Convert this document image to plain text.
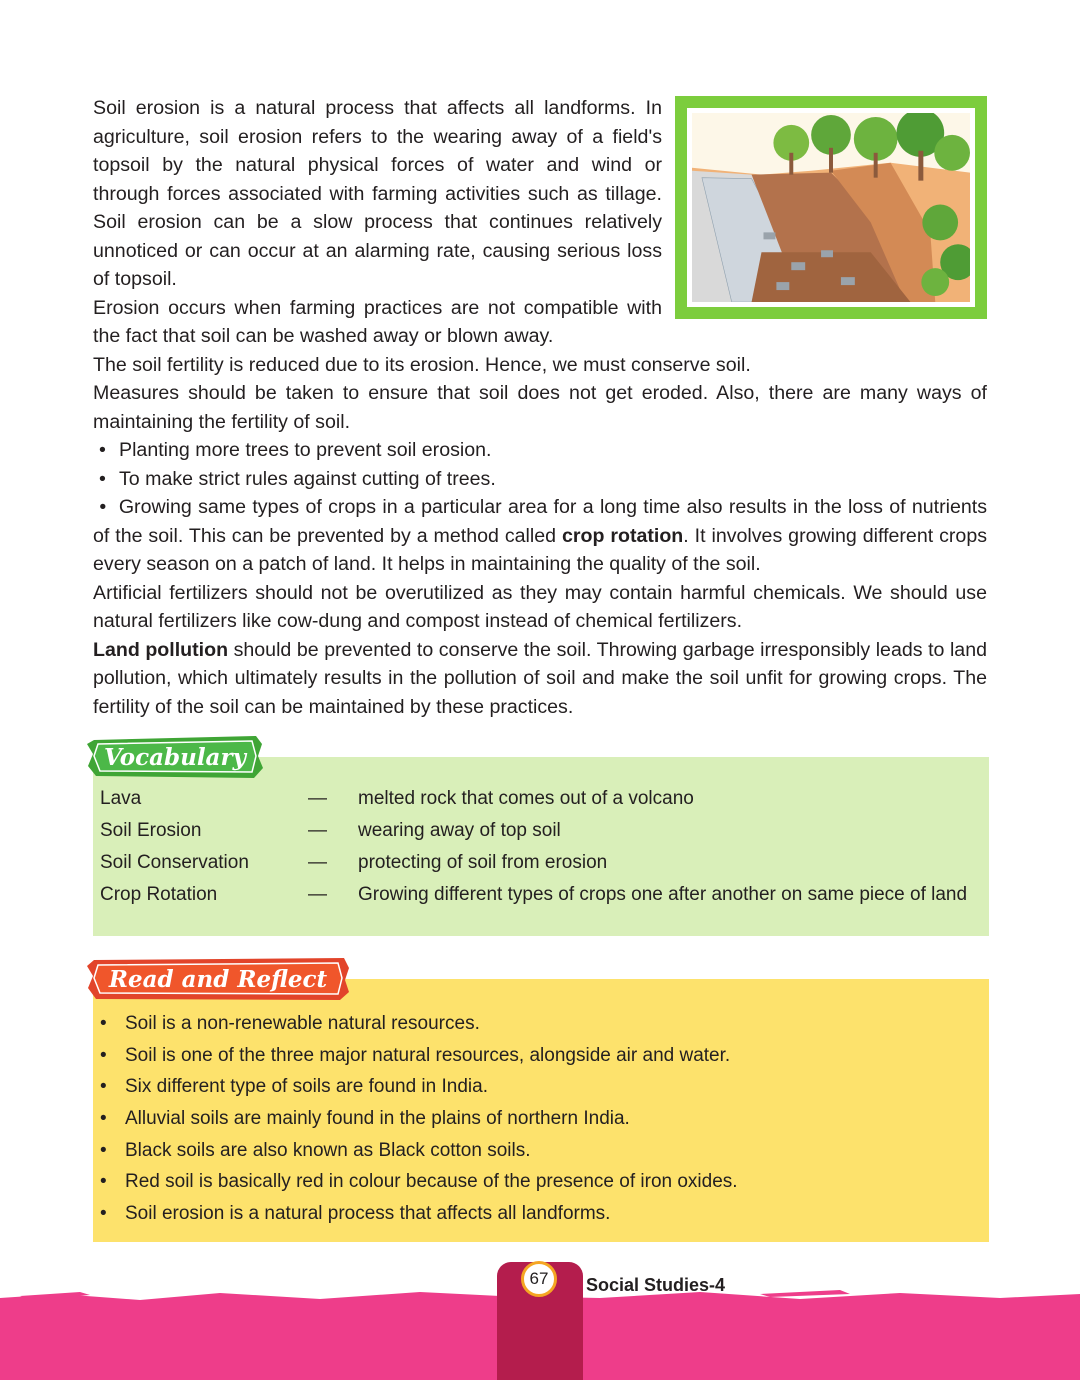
Soil erosion is a natural process that affects all landforms. In agriculture, soil erosion refers to the wearing away of a field's topsoil by the natural physical forces of water and wind or through forces associated with farming activities such as tillage. Soil erosion can be a slow process that continues relatively unnoticed or can occur at an alarming rate, causing serious loss of topsoil.

Erosion occurs when farming practices are not compatible with the fact that soil can be washed away or blown away.

The soil fertility is reduced due to its erosion. Hence, we must conserve soil.

Measures should be taken to ensure that soil does not get eroded. Also, there are many ways of maintaining the fertility of soil.

• Planting more trees to prevent soil erosion.

• To make strict rules against cutting of trees.

•  Growing same types of crops in a particular area for a long time also results in the loss of nutrients of the soil. This can be prevented by a method called crop rotation. It involves growing different crops every season on a patch of land. It helps in maintaining the quality of the soil.

Artificial fertilizers should not be overutilized as they may contain harmful chemicals. We should use natural fertilizers like cow-dung and compost instead of chemical fertilizers.

Land pollution should be prevented to conserve the soil. Throwing garbage irresponsibly leads to land pollution, which ultimately results in the pollution of soil and make the soil unfit for growing crops. The fertility of the soil can be maintained by these practices.

Vocabulary
Lava	—	melted rock that comes out of a volcano
Soil Erosion	—	wearing away of top soil
Soil Conservation	—	protecting of soil from erosion
Crop Rotation	—	Growing different types of crops one after another on same piece of land
Read and Reflect
• Soil is a non-renewable natural resources.
• Soil is one of the three major natural resources, alongside air and water.
• Six different type of soils are found in India.
• Alluvial soils are mainly found in the plains of northern India.
• Black soils are also known as Black cotton soils.
• Red soil is basically red in colour because of the presence of iron oxides.
• Soil erosion is a natural process that affects all landforms.
67	Social Studies-4
